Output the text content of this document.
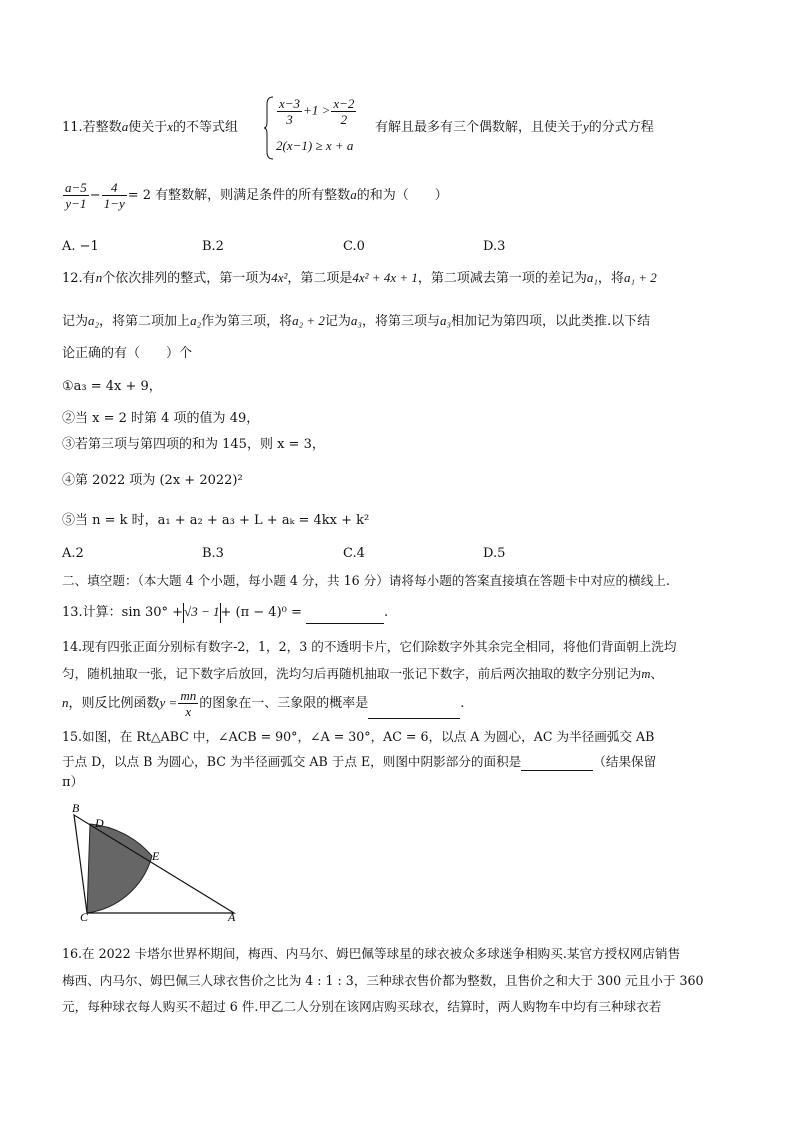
11.若整数a使关于x的不等式组
$\frac{x-3}{3} +1 > \frac{x-2}{2}$
2(x−1) ≥ x + a
有解且最多有三个偶数解，且使关于y的分式方程
$\frac{a-5}{y-1} - \frac{4}{1-y} = 2$ 有整数解，则满足条件的所有整数a的和为（　　）
A. −1	B.2	C.0	D.3
12.有n个依次排列的整式，第一项为4x²，第二项是4x² + 4x + 1，第二项减去第一项的差记为a₁，将a₁ + 2
记为a₂，将第二项加上a₂作为第三项，将a₂ + 2记为a₃，将第三项与a₃相加记为第四项，以此类推.以下结
论正确的有（　　）个
①a₃ = 4x + 9，
②当 x = 2 时第 4 项的值为 49，
③若第三项与第四项的和为 145，则 x = 3，
④第 2022 项为 (2x + 2022)²
⑤当 n = k 时，a₁ + a₂ + a₃ + L + aₖ = 4kx + k²
A.2	B.3	C.4	D.5
二、填空题：（本大题 4 个小题，每小题 4 分，共 16 分）请将每小题的答案直接填在答题卡中对应的横线上.
13.计算：sin 30° +√3 − 1+ (π − 4)⁰ =	.
14.现有四张正面分别标有数字-2，1，2，3 的不透明卡片，它们除数字外其余完全相同，将他们背面朝上洗均
匀，随机抽取一张，记下数字后放回，洗均匀后再随机抽取一张记下数字，前后两次抽取的数字分别记为m、
n，则反比例函数$y = \frac{mn}{x}$ 的图象在一、三象限的概率是	.
15.如图，在 Rt△ABC 中，∠ACB = 90°，∠A = 30°，AC = 6，以点 A 为圆心，AC 为半径画弧交 AB
于点 D，以点 B 为圆心，BC 为半径画弧交 AB 于点 E，则图中阴影部分的面积是	（结果保留
π）
B
D
E
C	A
16.在 2022 卡塔尔世界杯期间，梅西、内马尔、姆巴佩等球星的球衣被众多球迷争相购买.某官方授权网店销售
梅西、内马尔、姆巴佩三人球衣售价之比为 4 : 1 : 3，三种球衣售价都为整数，且售价之和大于 300 元且小于 360
元，每种球衣每人购买不超过 6 件.甲乙二人分别在该网店购买球衣，结算时，两人购物车中均有三种球衣若
